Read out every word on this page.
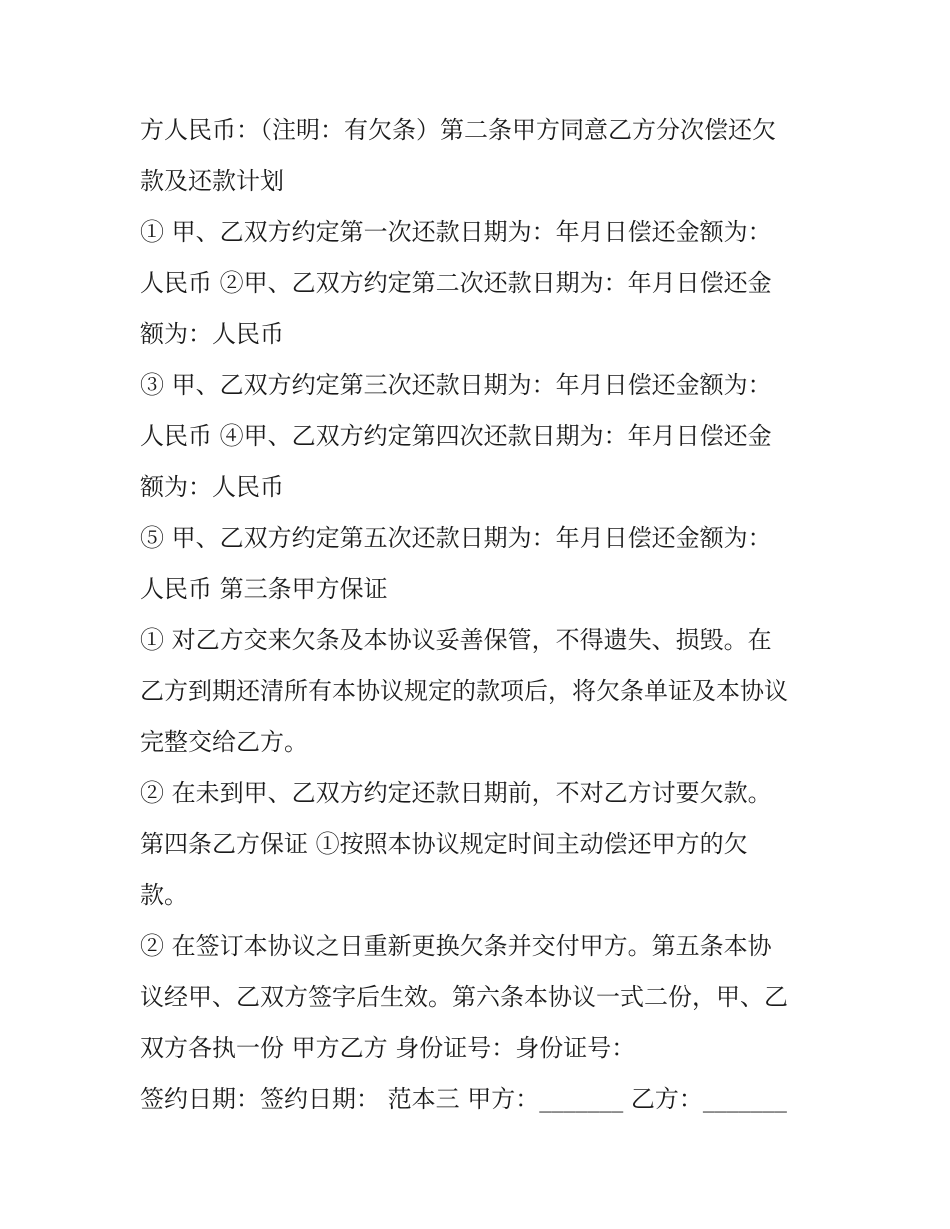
方人民币：（注明：有欠条）第二条甲方同意乙方分次偿还欠
款及还款计划
① 甲、乙双方约定第一次还款日期为：年月日偿还金额为：
人民币 ②甲、乙双方约定第二次还款日期为：年月日偿还金
额为：人民币
③ 甲、乙双方约定第三次还款日期为：年月日偿还金额为：
人民币 ④甲、乙双方约定第四次还款日期为：年月日偿还金
额为：人民币
⑤ 甲、乙双方约定第五次还款日期为：年月日偿还金额为：
人民币 第三条甲方保证
① 对乙方交来欠条及本协议妥善保管，不得遗失、损毁。在
乙方到期还清所有本协议规定的款项后，将欠条单证及本协议
完整交给乙方。
② 在未到甲、乙双方约定还款日期前，不对乙方讨要欠款。
第四条乙方保证 ①按照本协议规定时间主动偿还甲方的欠
款。
② 在签订本协议之日重新更换欠条并交付甲方。第五条本协
议经甲、乙双方签字后生效。第六条本协议一式二份，甲、乙
双方各执一份 甲方乙方 身份证号：身份证号：
签约日期：签约日期： 范本三 甲方：_______ 乙方：_______
